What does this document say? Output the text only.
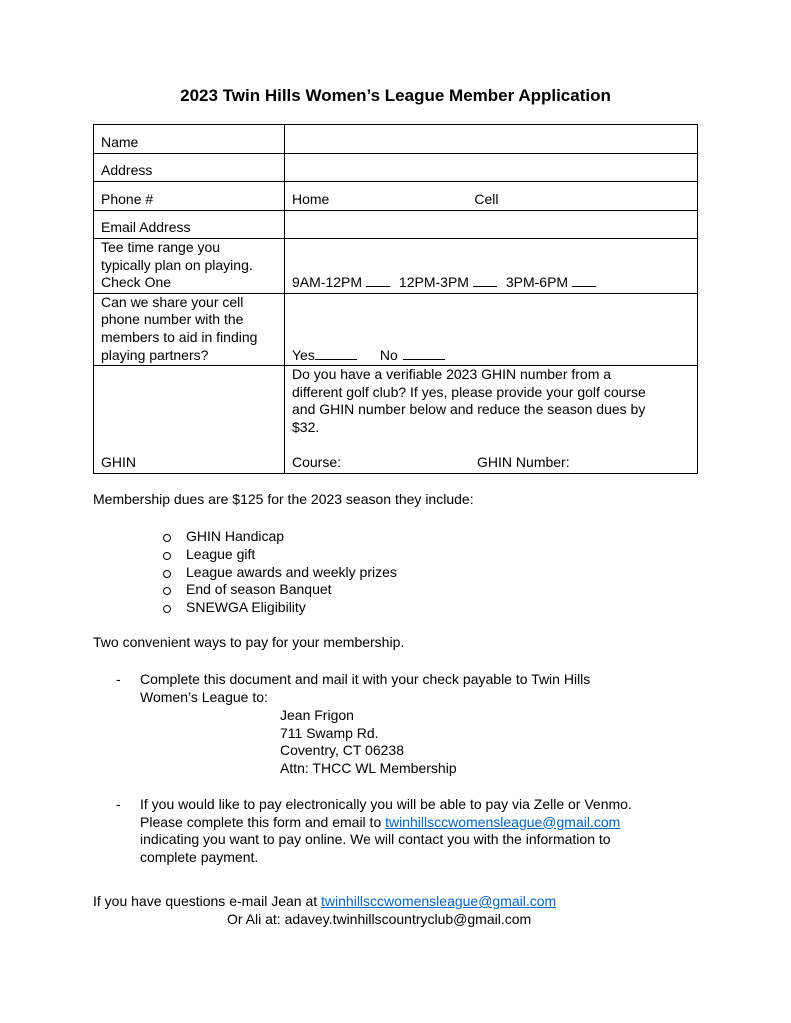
2023 Twin Hills Women’s League Member Application
Name	
Address	
Phone #	Home Cell
Email Address	

Tee time range you
typically plan on playing.
Check One	9AM-12PM 12PM-3PM 3PM-6PM

Can we share your cell
phone number with the
members to aid in finding
playing partners?	Yes No
GHIN	Do you have a verifiable 2023 GHIN number from a
different golf club? If yes, please provide your golf course
and GHIN number below and reduce the season dues by
$32.
Course: GHIN Number:
Membership dues are $125 for the 2023 season they include:
GHIN Handicap
League gift
League awards and weekly prizes
End of season Banquet
SNEWGA Eligibility
Two convenient ways to pay for your membership.
- Complete this document and mail it with your check payable to Twin Hills
Women’s League to:
Jean Frigon
711 Swamp Rd.
Coventry, CT 06238
Attn: THCC WL Membership
- If you would like to pay electronically you will be able to pay via Zelle or Venmo.
Please complete this form and email to twinhillsccwomensleague@gmail.com
indicating you want to pay online. We will contact you with the information to
complete payment.
If you have questions e-mail Jean at twinhillsccwomensleague@gmail.com
Or Ali at: adavey.twinhillscountryclub@gmail.com
